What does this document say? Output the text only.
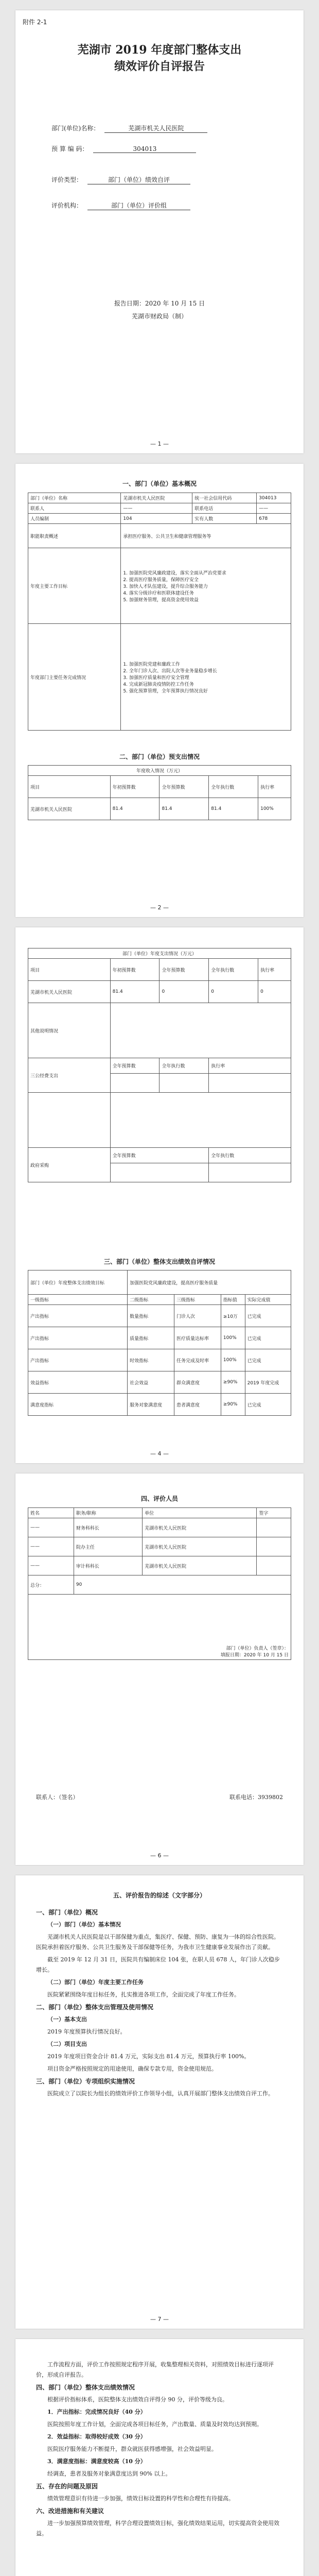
附件 2-1
芜湖市 2019 年度部门整体支出
绩效评价自评报告
部门(单位)名称：	芜湖市机关人民医院
预 算 编 码：	304013
评价类型：	部门（单位）绩效自评
评价机构：	部门（单位）评价组
报告日期：2020 年 10 月 15 日
芜湖市财政局（制）
— 1 —
一、部门（单位）基本概况
部门（单位）名称	芜湖市机关人民医院	统一社会信用代码	304013
联系人	——	联系电话	——
人员编制	104	实有人数	678
职能职责概述	承担医疗服务、公共卫生和健康管理服务等		
年度主要工作目标	1. 加强医院党风廉政建设，落实全面从严治党要求
2. 提高医疗服务质量，保障医疗安全
3. 加快人才队伍建设，提升综合服务能力
4. 落实分级诊疗和医联体建设任务
5. 加强财务管理，提高资金使用效益		

年度部门主要任务完成情况	1. 加强医院党建和廉政工作
2. 全年门诊人次、出院人次等业务量稳步增长
3. 加强医疗质量和医疗安全管理
4. 完成新冠肺炎疫情防控工作任务
5. 强化预算管理，全年预算执行情况良好		
二、部门（单位）预支出情况
年度收入情况（万元）				
项目	年初预算数	全年预算数	全年执行数	执行率
芜湖市机关人民医院	81.4	81.4	81.4	100%
— 2 —
部门（单位）年度支出情况（万元）				
项目	年初预算数	全年预算数	全年执行数	执行率
芜湖市机关人民医院	81.4	0	0	0
其他说明情况				
三公经费支出	全年预算数	全年执行数	执行率	

政府采购	全年预算数		全年执行数	

三、部门（单位）整体支出绩效自评情况
部门（单位）年度整体支出绩效目标	加强医院党风廉政建设，提高医疗服务质量			
一级指标	二级指标	三级指标	指标值	实际完成值
产出指标	数量指标	门诊人次	≥10万	已完成
产出指标	质量指标	医疗质量达标率	100%	已完成
产出指标	时效指标	任务完成及时率	100%	已完成
效益指标	社会效益	群众满意度	≥90%	2019 年度完成
满意度指标	服务对象满意度	患者满意度	≥90%	已完成
— 4 —
四、评价人员
姓名	职务/职称	单位	签字
——	财务科科长	芜湖市机关人民医院	
——	院办主任	芜湖市机关人民医院	
——	审计科科长	芜湖市机关人民医院	
总分：	90		

部门（单位）负责人（签章）：
填报日期：2020 年 10 月 15 日			
联系人：（签名）	联系电话：3939802
— 6 —
五、评价报告的综述（文字部分）

一、部门（单位）概况

（一）部门（单位）基本情况

芜湖市机关人民医院是以干部保健为重点，集医疗、保健、预防、康复为一体的综合性医院。医院承担着医疗服务、公共卫生服务及干部保健等任务，为我市卫生健康事业发展作出了贡献。

截至 2019 年 12 月 31 日，医院共有编制床位 104 张，在职人员 678 人，年门诊人次稳步增长。

（二）部门（单位）年度主要工作任务

医院紧紧围绕年度目标任务，扎实推进各项工作，全面完成了年度工作任务。

二、部门（单位）整体支出管理及使用情况

（一）基本支出

2019 年度预算执行情况良好。

（二）项目支出

2019 年度项目资金合计 81.4 万元，实际支出 81.4 万元，预算执行率 100%。

项目资金严格按照规定的用途使用，确保专款专用，资金使用规范。

三、部门（单位）专项组织实施情况

医院成立了以院长为组长的绩效评价工作领导小组，认真开展部门整体支出绩效自评工作。

— 7 —

工作流程方面，评价工作按照规定程序开展，收集整理相关资料，对照绩效目标进行逐项评价，形成自评报告。

四、部门（单位）整体支出绩效情况

根据评价指标体系，医院整体支出绩效自评得分 90 分，评价等级为良。

1．产出指标：完成情况良好（40 分）

医院按照年度工作计划，全面完成各项目标任务，产出数量、质量及时效均达到预期。

2．效益指标：取得较好成效（30 分）

医院医疗服务能力不断提升，群众就医获得感增强，社会效益明显。

3．满意度指标：满意度较高（10 分）

经调查，患者及服务对象满意度达到 90% 以上。

五、存在的问题及原因

绩效管理意识有待进一步加强，绩效目标设置的科学性和合理性有待提高。

六、改进措施和有关建议

进一步加强预算绩效管理，科学合理设置绩效目标，强化绩效结果运用，切实提高资金使用效益。
